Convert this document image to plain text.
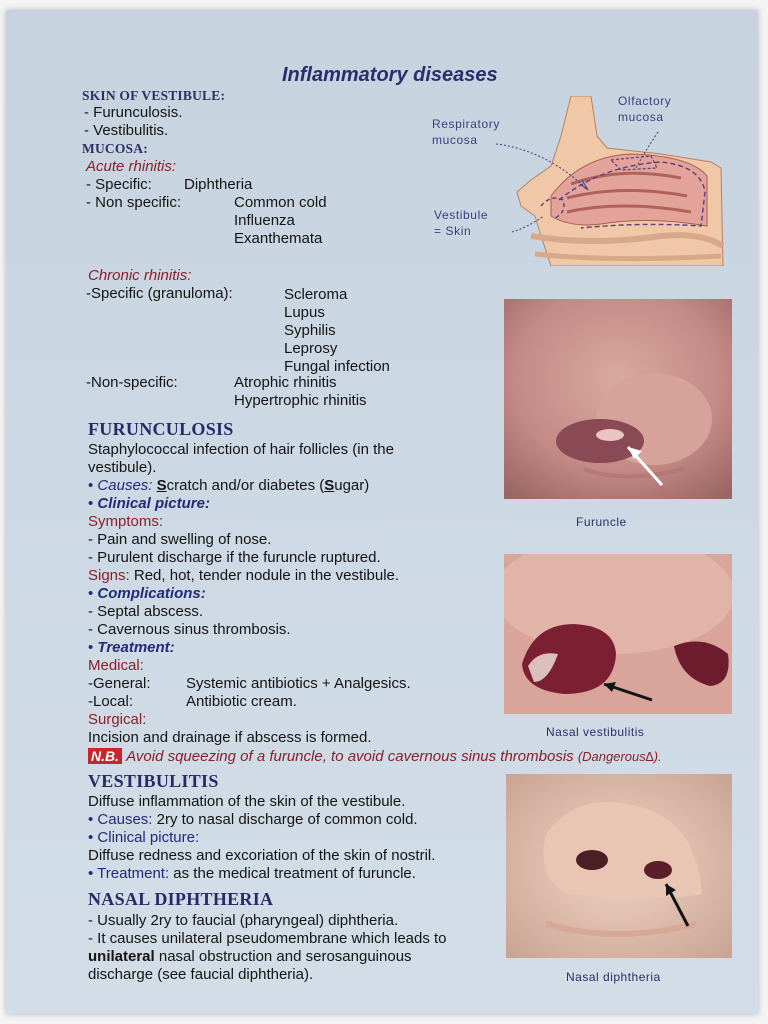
Inflammatory diseases
SKIN OF VESTIBULE:
- Furunculosis.
- Vestibulitis.
MUCOSA:
Acute rhinitis:
- Specific: Diphtheria
- Non specific:	Common cold
Influenza
Exanthemata
Chronic rhinitis:
-Specific (granuloma):	Scleroma
Lupus
Syphilis
Leprosy
Fungal infection
-Non-specific:	Atrophic rhinitis
Hypertrophic rhinitis
Olfactory
mucosa
Respiratory
mucosa
Vestibule
= Skin
Furuncle
Nasal vestibulitis
Nasal diphtheria
FURUNCULOSIS
Staphylococcal infection of hair follicles (in the
vestibule).
• Causes: Scratch and/or diabetes (Sugar)
• Clinical picture:
Symptoms:
- Pain and swelling of nose.
- Purulent discharge if the furuncle ruptured.
Signs: Red, hot, tender nodule in the vestibule.
• Complications:
- Septal abscess.
- Cavernous sinus thrombosis.
• Treatment:
Medical:
-General: Systemic antibiotics + Analgesics.
-Local:	Antibiotic cream.
Surgical:
Incision and drainage if abscess is formed.
N.B. Avoid squeezing of a furuncle, to avoid cavernous sinus thrombosis (Dangerous∆).
VESTIBULITIS
Diffuse inflammation of the skin of the vestibule.
• Causes: 2ry to nasal discharge of common cold.
• Clinical picture:
Diffuse redness and excoriation of the skin of nostril.
• Treatment: as the medical treatment of furuncle.
NASAL DIPHTHERIA
- Usually 2ry to faucial (pharyngeal) diphtheria.
- It causes unilateral pseudomembrane which leads to
unilateral nasal obstruction and serosanguinous
discharge (see faucial diphtheria).
